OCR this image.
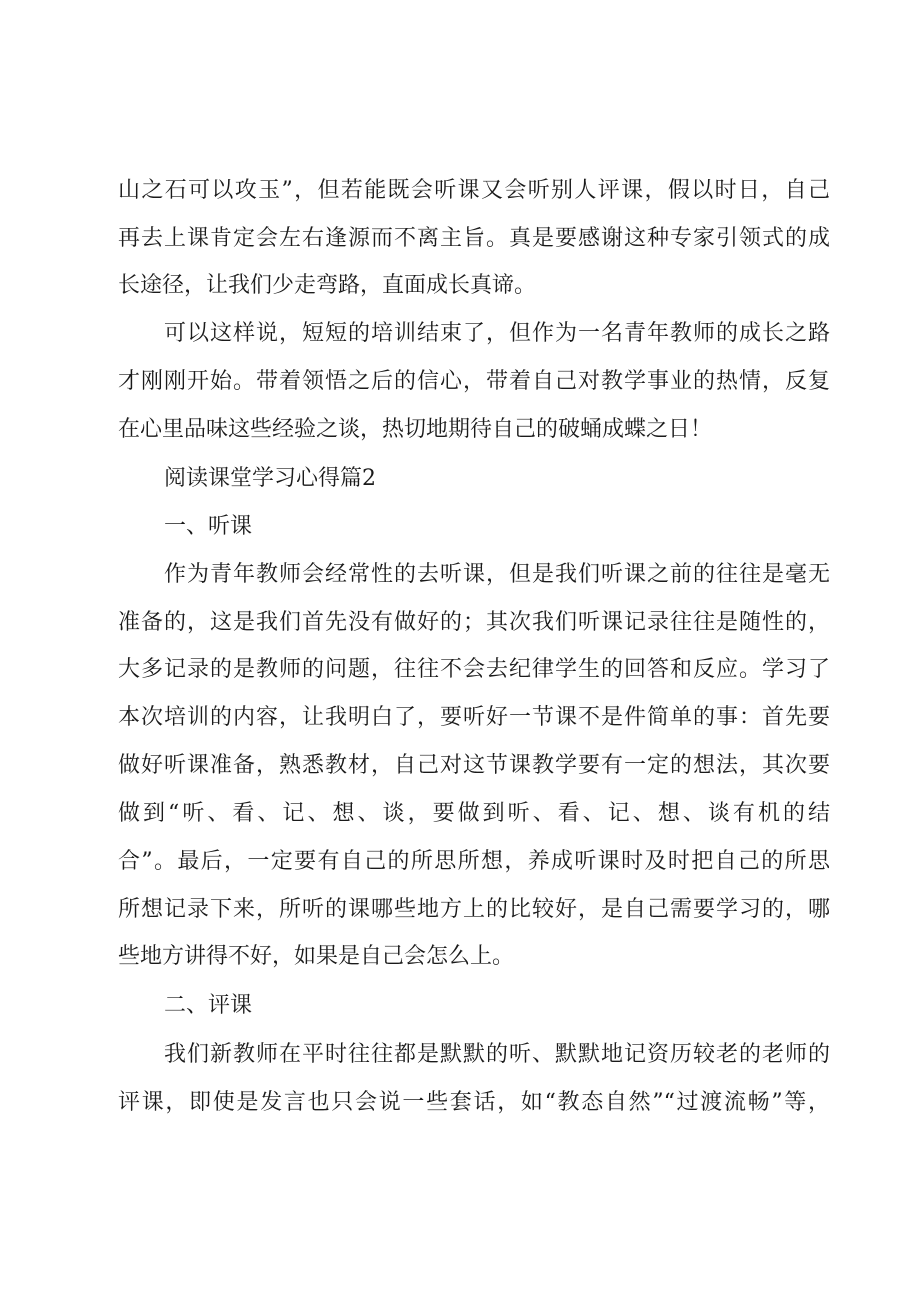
山之石可以攻玉”，但若能既会听课又会听别人评课，假以时日，自己
再去上课肯定会左右逢源而不离主旨。真是要感谢这种专家引领式的成
长途径，让我们少走弯路，直面成长真谛。
可以这样说，短短的培训结束了，但作为一名青年教师的成长之路
才刚刚开始。带着领悟之后的信心，带着自己对教学事业的热情，反复
在心里品味这些经验之谈，热切地期待自己的破蛹成蝶之日！
阅读课堂学习心得篇2
一、听课
作为青年教师会经常性的去听课，但是我们听课之前的往往是毫无
准备的，这是我们首先没有做好的；其次我们听课记录往往是随性的，
大多记录的是教师的问题，往往不会去纪律学生的回答和反应。学习了
本次培训的内容，让我明白了，要听好一节课不是件简单的事：首先要
做好听课准备，熟悉教材，自己对这节课教学要有一定的想法，其次要
做到“听、看、记、想、谈，要做到听、看、记、想、谈有机的结
合”。最后，一定要有自己的所思所想，养成听课时及时把自己的所思
所想记录下来，所听的课哪些地方上的比较好，是自己需要学习的，哪
些地方讲得不好，如果是自己会怎么上。
二、评课
我们新教师在平时往往都是默默的听、默默地记资历较老的老师的
评课，即使是发言也只会说一些套话，如“教态自然”“过渡流畅”等，
